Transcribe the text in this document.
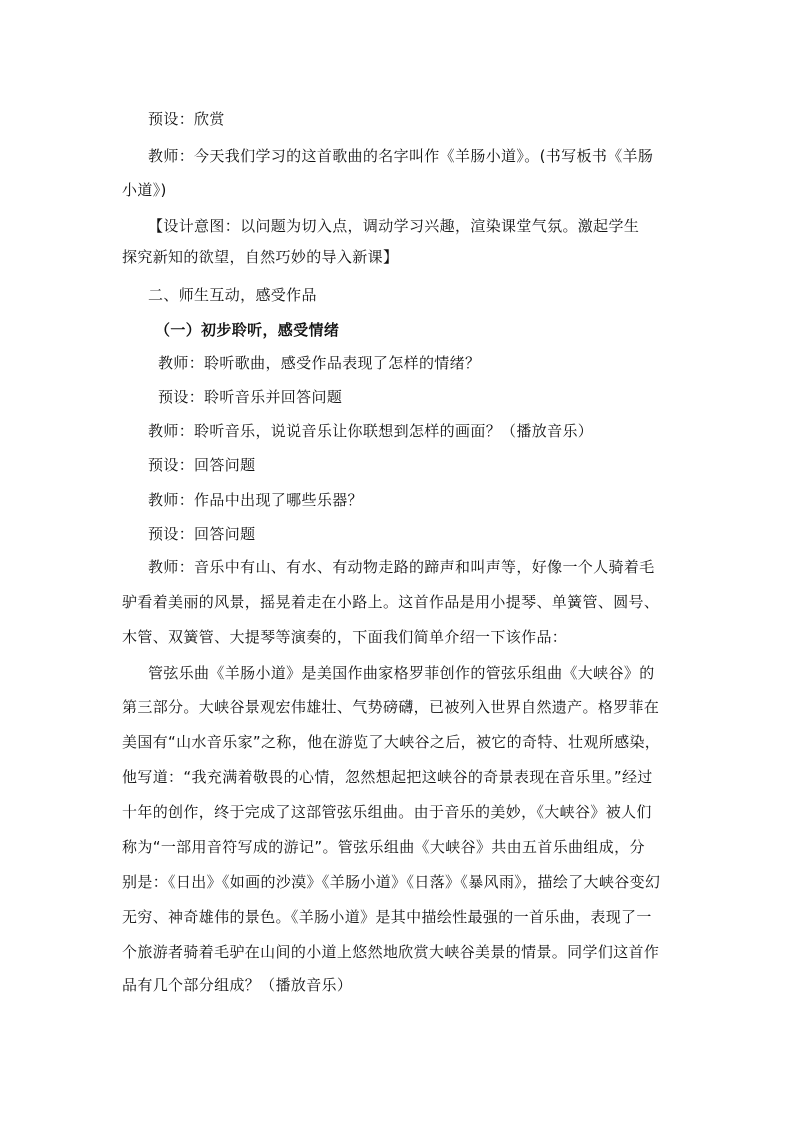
预设：欣赏
教师：今天我们学习的这首歌曲的名字叫作《羊肠小道》。(书写板书《羊肠
小道》)
【设计意图：以问题为切入点，调动学习兴趣，渲染课堂气氛。激起学生
探究新知的欲望，自然巧妙的导入新课】
二、师生互动，感受作品
（一）初步聆听，感受情绪
教师：聆听歌曲，感受作品表现了怎样的情绪？
预设：聆听音乐并回答问题
教师：聆听音乐，说说音乐让你联想到怎样的画面？（播放音乐）
预设：回答问题
教师：作品中出现了哪些乐器？
预设：回答问题
教师：音乐中有山、有水、有动物走路的蹄声和叫声等，好像一个人骑着毛
驴看着美丽的风景，摇晃着走在小路上。这首作品是用小提琴、单簧管、圆号、
木管、双簧管、大提琴等演奏的，下面我们简单介绍一下该作品：
管弦乐曲《羊肠小道》是美国作曲家格罗菲创作的管弦乐组曲《大峡谷》的
第三部分。大峡谷景观宏伟雄壮、气势磅礴，已被列入世界自然遗产。格罗菲在
美国有“山水音乐家”之称，他在游览了大峡谷之后，被它的奇特、壮观所感染，
他写道：“我充满着敬畏的心情，忽然想起把这峡谷的奇景表现在音乐里。”经过
十年的创作，终于完成了这部管弦乐组曲。由于音乐的美妙，《大峡谷》被人们
称为“一部用音符写成的游记”。管弦乐组曲《大峡谷》共由五首乐曲组成，分
别是：《日出》《如画的沙漠》《羊肠小道》《日落》《暴风雨》，描绘了大峡谷变幻
无穷、神奇雄伟的景色。《羊肠小道》是其中描绘性最强的一首乐曲，表现了一
个旅游者骑着毛驴在山间的小道上悠然地欣赏大峡谷美景的情景。同学们这首作
品有几个部分组成？（播放音乐）
